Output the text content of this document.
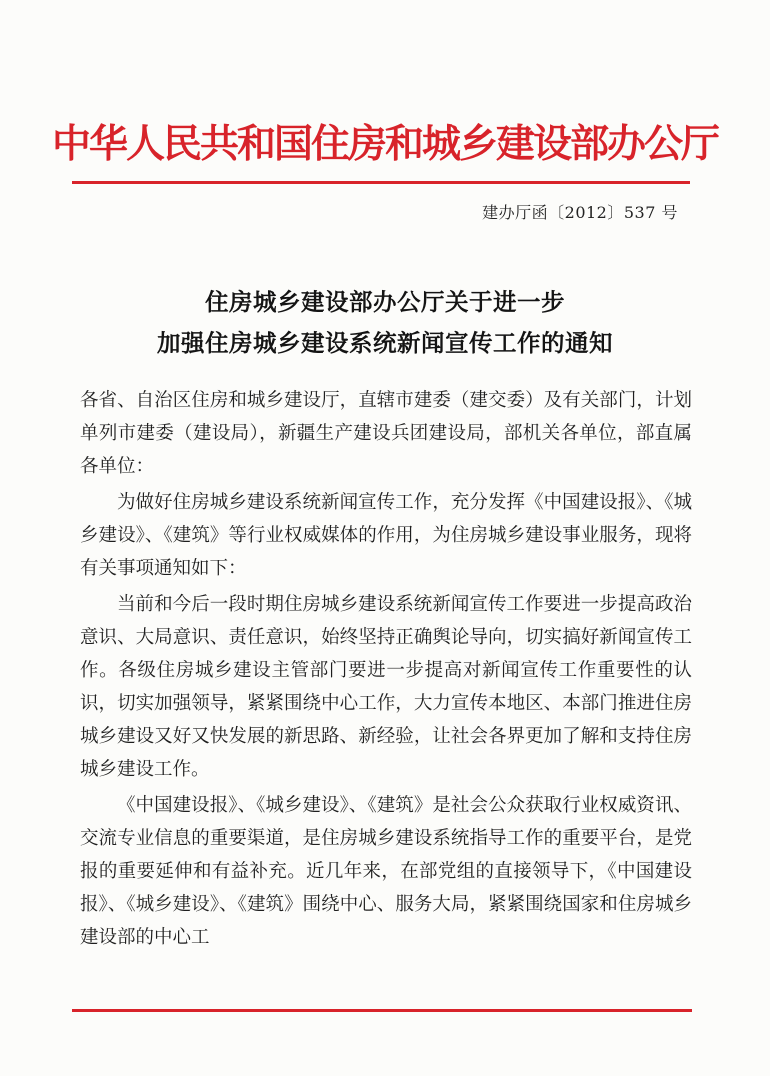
中华人民共和国住房和城乡建设部办公厅
建办厅函〔2012〕537 号
住房城乡建设部办公厅关于进一步
加强住房城乡建设系统新闻宣传工作的通知

各省、自治区住房和城乡建设厅，直辖市建委（建交委）及有关部门，计划单列市建委（建设局），新疆生产建设兵团建设局，部机关各单位，部直属各单位：

为做好住房城乡建设系统新闻宣传工作，充分发挥《中国建设报》、《城乡建设》、《建筑》等行业权威媒体的作用，为住房城乡建设事业服务，现将有关事项通知如下：

当前和今后一段时期住房城乡建设系统新闻宣传工作要进一步提高政治意识、大局意识、责任意识，始终坚持正确舆论导向，切实搞好新闻宣传工作。各级住房城乡建设主管部门要进一步提高对新闻宣传工作重要性的认识，切实加强领导，紧紧围绕中心工作，大力宣传本地区、本部门推进住房城乡建设又好又快发展的新思路、新经验，让社会各界更加了解和支持住房城乡建设工作。

《中国建设报》、《城乡建设》、《建筑》是社会公众获取行业权威资讯、交流专业信息的重要渠道，是住房城乡建设系统指导工作的重要平台，是党报的重要延伸和有益补充。近几年来，在部党组的直接领导下，《中国建设报》、《城乡建设》、《建筑》围绕中心、服务大局，紧紧围绕国家和住房城乡建设部的中心工
